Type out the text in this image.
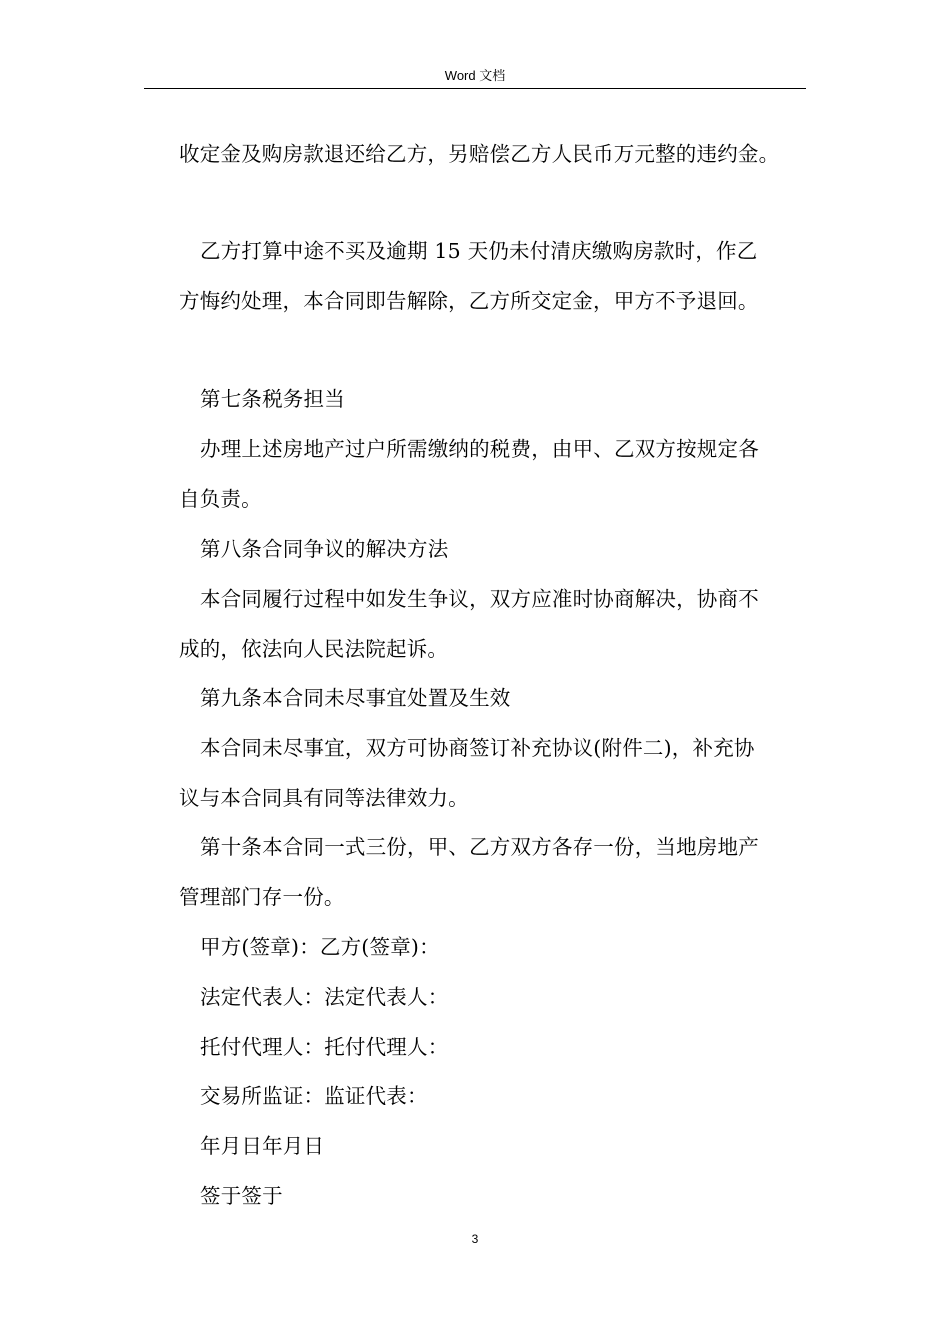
Word 文档
收定金及购房款退还给乙方，另赔偿乙方人民币万元整的违约金。
乙方打算中途不买及逾期 15 天仍未付清庆缴购房款时，作乙
方悔约处理，本合同即告解除，乙方所交定金，甲方不予退回。
第七条税务担当
办理上述房地产过户所需缴纳的税费，由甲、乙双方按规定各
自负责。
第八条合同争议的解决方法
本合同履行过程中如发生争议，双方应准时协商解决，协商不
成的，依法向人民法院起诉。
第九条本合同未尽事宜处置及生效
本合同未尽事宜，双方可协商签订补充协议(附件二)，补充协
议与本合同具有同等法律效力。
第十条本合同一式三份，甲、乙方双方各存一份，当地房地产
管理部门存一份。
甲方(签章)：乙方(签章)：
法定代表人：法定代表人：
托付代理人：托付代理人：
交易所监证：监证代表：
年月日年月日
签于签于
3
